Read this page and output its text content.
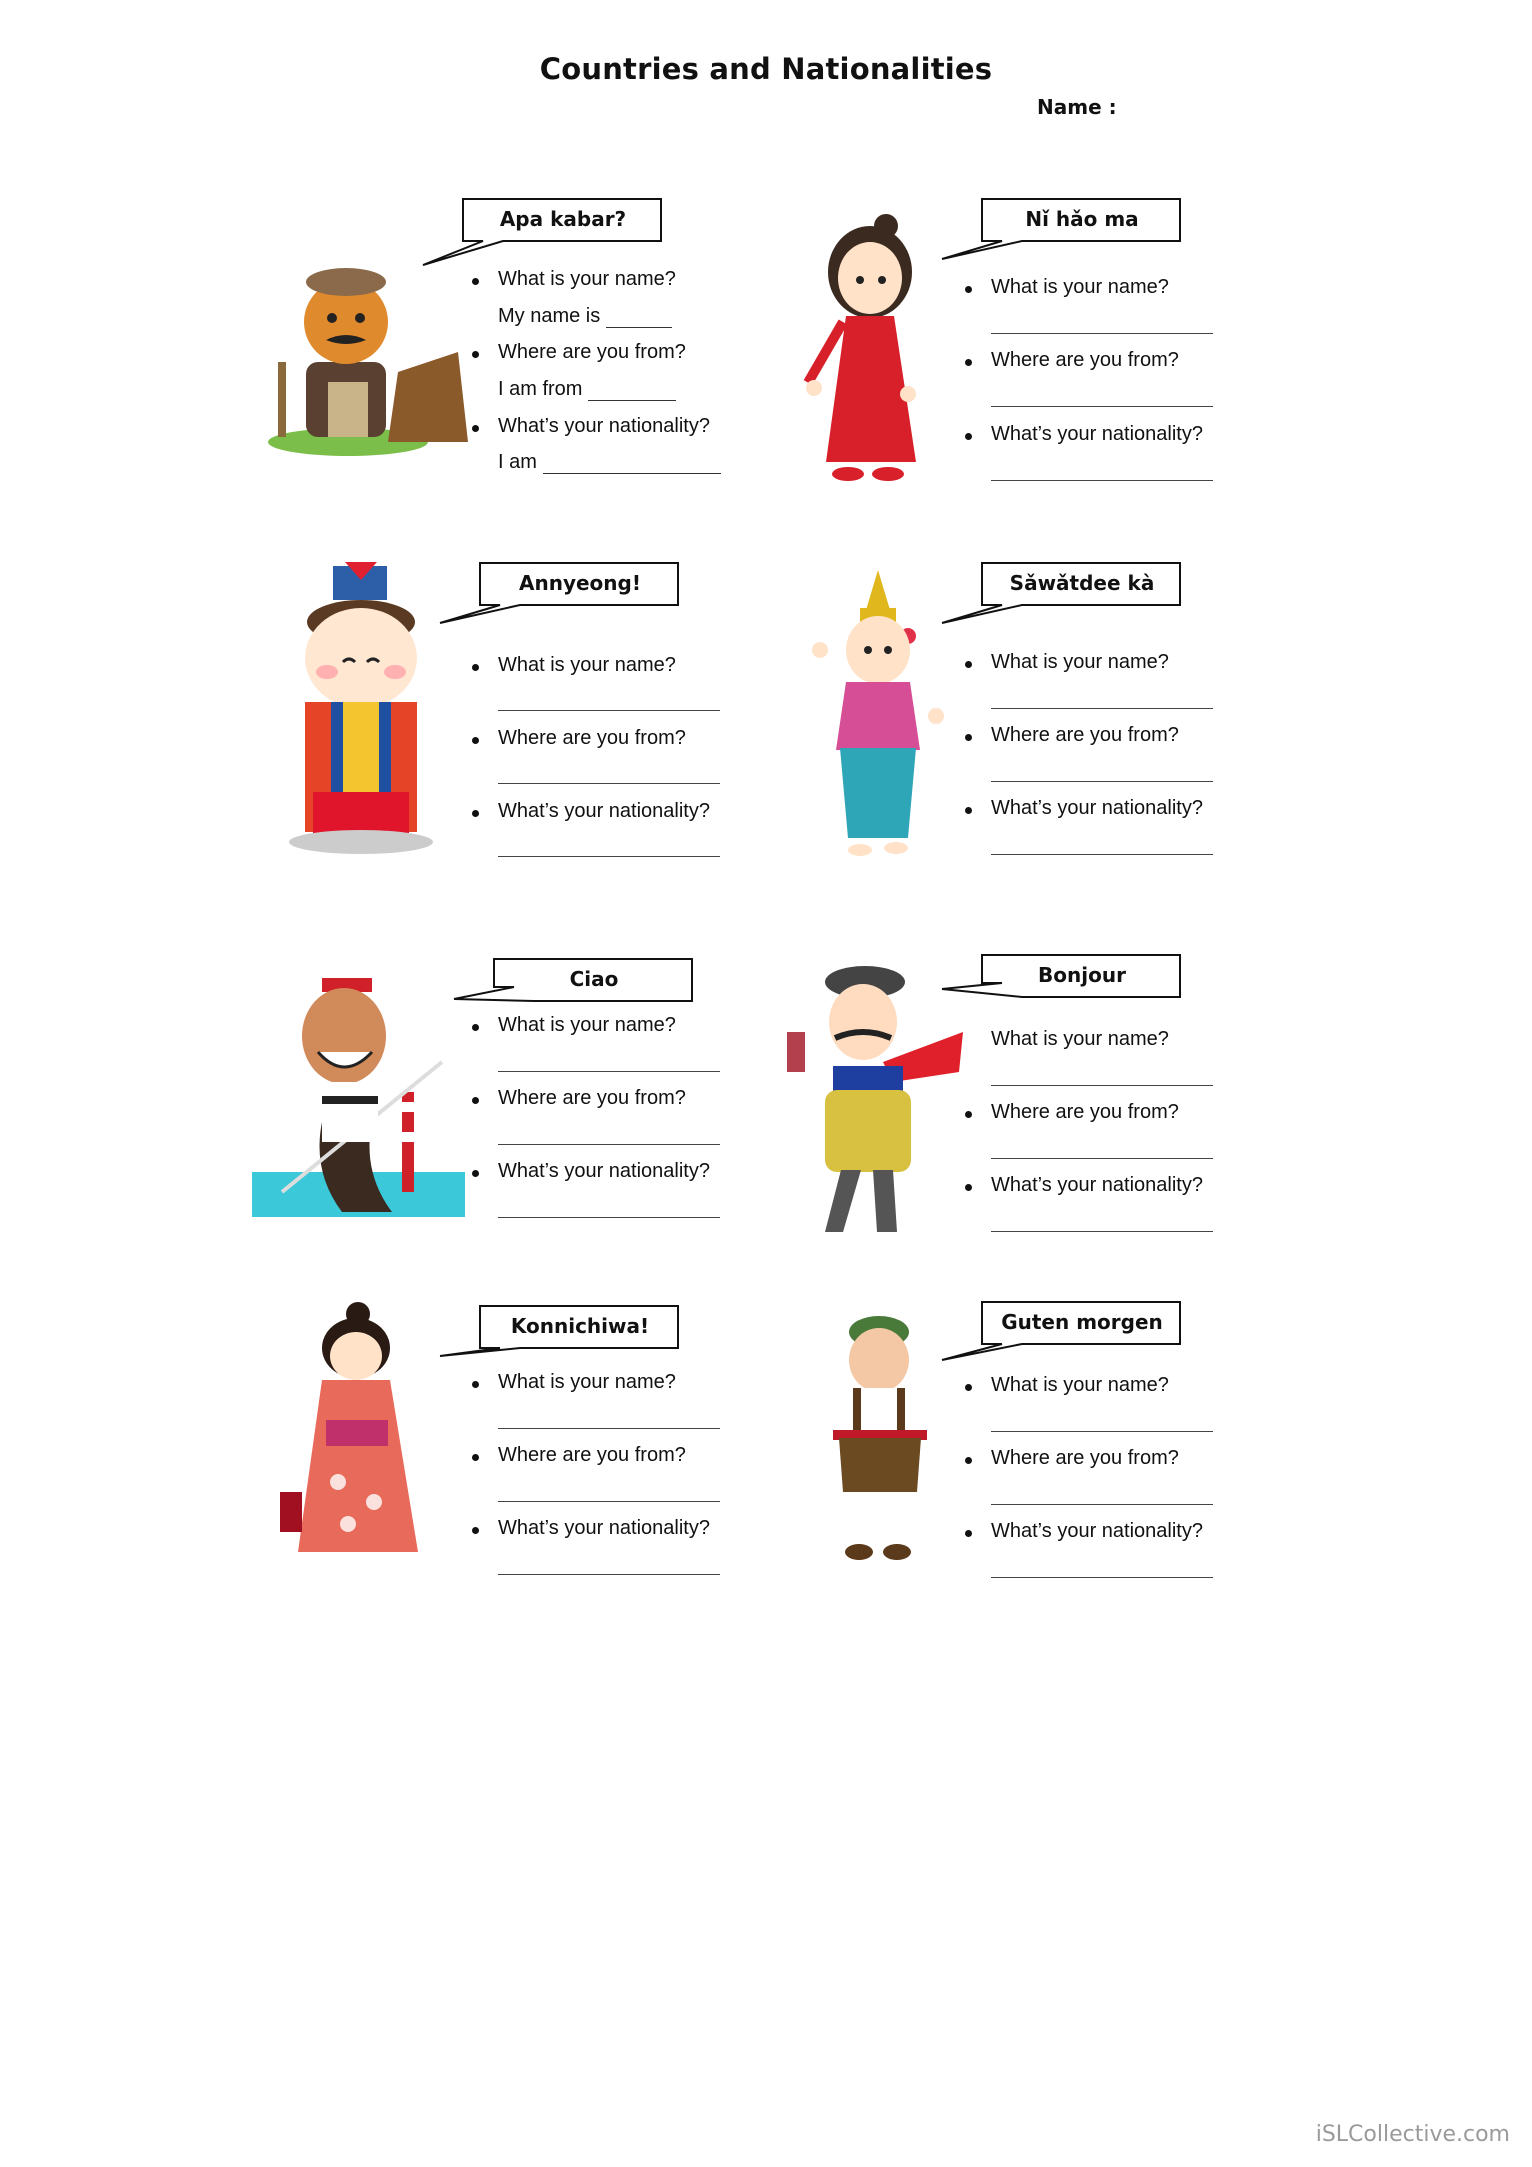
Countries and Nationalities
Name :
Apa kabar?
What is your name?
My name is
Where are you from?
I am from
What’s your nationality?
I am
Nǐ hǎo ma
What is your name?
Where are you from?
What’s your nationality?
Annyeong!
What is your name?
Where are you from?
What’s your nationality?
Sǎwǎtdee kà
What is your name?
Where are you from?
What’s your nationality?
Ciao
What is your name?
Where are you from?
What’s your nationality?
Bonjour
What is your name?
Where are you from?
What’s your nationality?
Konnichiwa!
What is your name?
Where are you from?
What’s your nationality?
Guten morgen
What is your name?
Where are you from?
What’s your nationality?
iSLCollective.com
